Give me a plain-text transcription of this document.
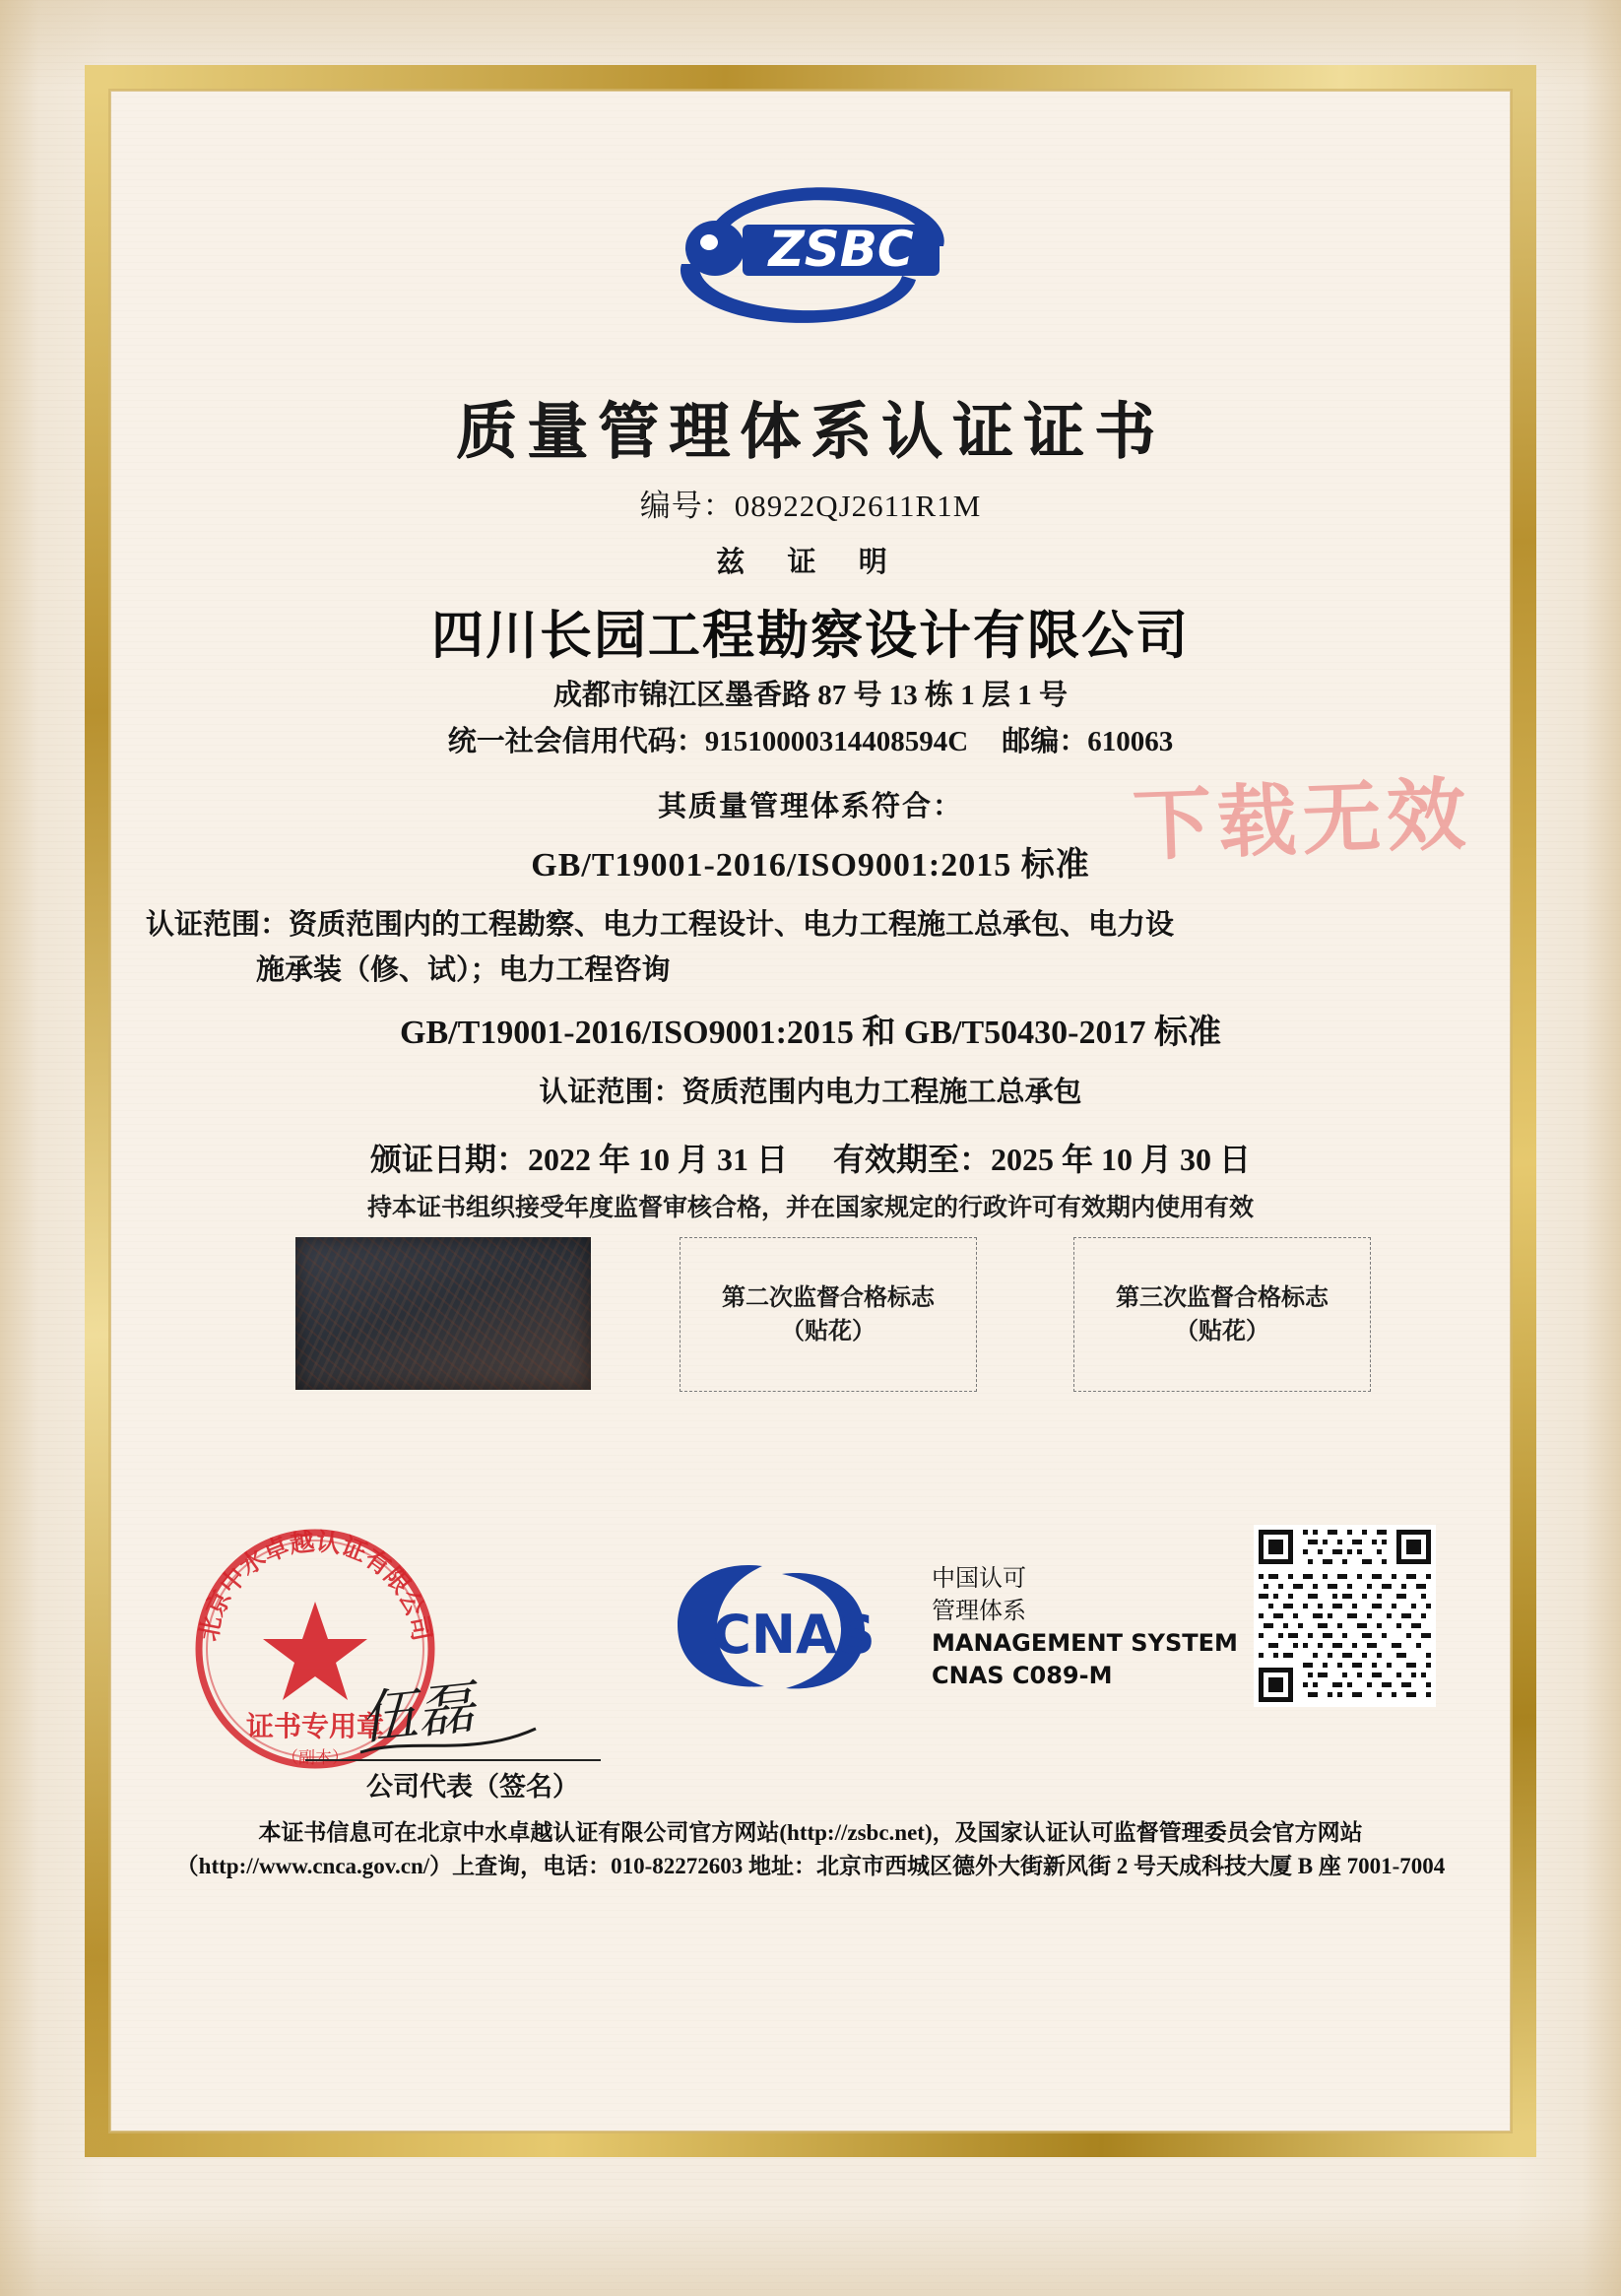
ZSBC
质量管理体系认证证书
编号：08922QJ2611R1M
兹 证 明
四川长园工程勘察设计有限公司
成都市锦江区墨香路 87 号 13 栋 1 层 1 号
统一社会信用代码：91510000314408594C 邮编：610063
其质量管理体系符合：
GB/T19001-2016/ISO9001:2015 标准
认证范围：资质范围内的工程勘察、电力工程设计、电力工程施工总承包、电力设
施承装（修、试）；电力工程咨询
GB/T19001-2016/ISO9001:2015 和 GB/T50430-2017 标准
认证范围：资质范围内电力工程施工总承包
颁证日期：2022 年 10 月 31 日 有效期至：2025 年 10 月 30 日
持本证书组织接受年度监督审核合格，并在国家规定的行政许可有效期内使用有效
第二次监督合格标志
（贴花）
第三次监督合格标志
（贴花）
北京中水卓越认证有限公司
证书专用章
（副本）
伍磊
公司代表（签名）
CNAS
中国认可
管理体系
MANAGEMENT SYSTEM
CNAS C089-M
本证书信息可在北京中水卓越认证有限公司官方网站(http://zsbc.net)，及国家认证认可监督管理委员会官方网站
（http://www.cnca.gov.cn/）上查询，电话：010-82272603 地址：北京市西城区德外大街新风街 2 号天成科技大厦 B 座 7001-7004
下载无效
